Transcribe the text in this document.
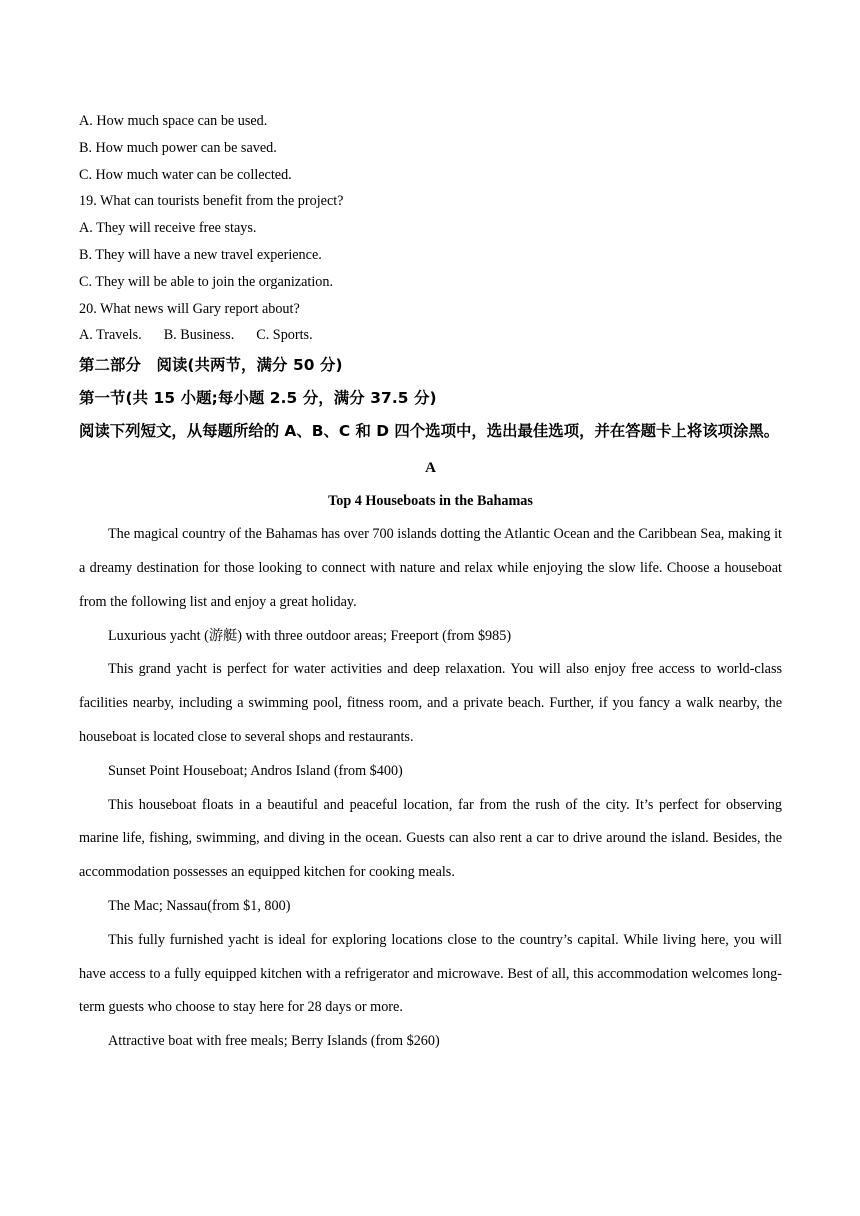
A. How much space can be used.
B. How much power can be saved.
C. How much water can be collected.
19. What can tourists benefit from the project?
A. They will receive free stays.
B. They will have a new travel experience.
C. They will be able to join the organization.
20. What news will Gary report about?
A. Travels. B. Business. C. Sports.
第二部分　阅读(共两节，满分 50 分)
第一节(共 15 小题;每小题 2.5 分，满分 37.5 分)
阅读下列短文，从每题所给的 A、B、C 和 D 四个选项中，选出最佳选项，并在答题卡上将该项涂黑。
A
Top 4 Houseboats in the Bahamas

The magical country of the Bahamas has over 700 islands dotting the Atlantic Ocean and the Caribbean Sea, making it a dreamy destination for those looking to connect with nature and relax while enjoying the slow life. Choose a houseboat from the following list and enjoy a great holiday.

Luxurious yacht (游艇) with three outdoor areas; Freeport (from $985)

This grand yacht is perfect for water activities and deep relaxation. You will also enjoy free access to world-class facilities nearby, including a swimming pool, fitness room, and a private beach. Further, if you fancy a walk nearby, the houseboat is located close to several shops and restaurants.

Sunset Point Houseboat; Andros Island (from $400)

This houseboat floats in a beautiful and peaceful location, far from the rush of the city. It’s perfect for observing marine life, fishing, swimming, and diving in the ocean. Guests can also rent a car to drive around the island. Besides, the accommodation possesses an equipped kitchen for cooking meals.

The Mac; Nassau(from $1, 800)

This fully furnished yacht is ideal for exploring locations close to the country’s capital. While living here, you will have access to a fully equipped kitchen with a refrigerator and microwave. Best of all, this accommodation welcomes long-term guests who choose to stay here for 28 days or more.

Attractive boat with free meals; Berry Islands (from $260)
